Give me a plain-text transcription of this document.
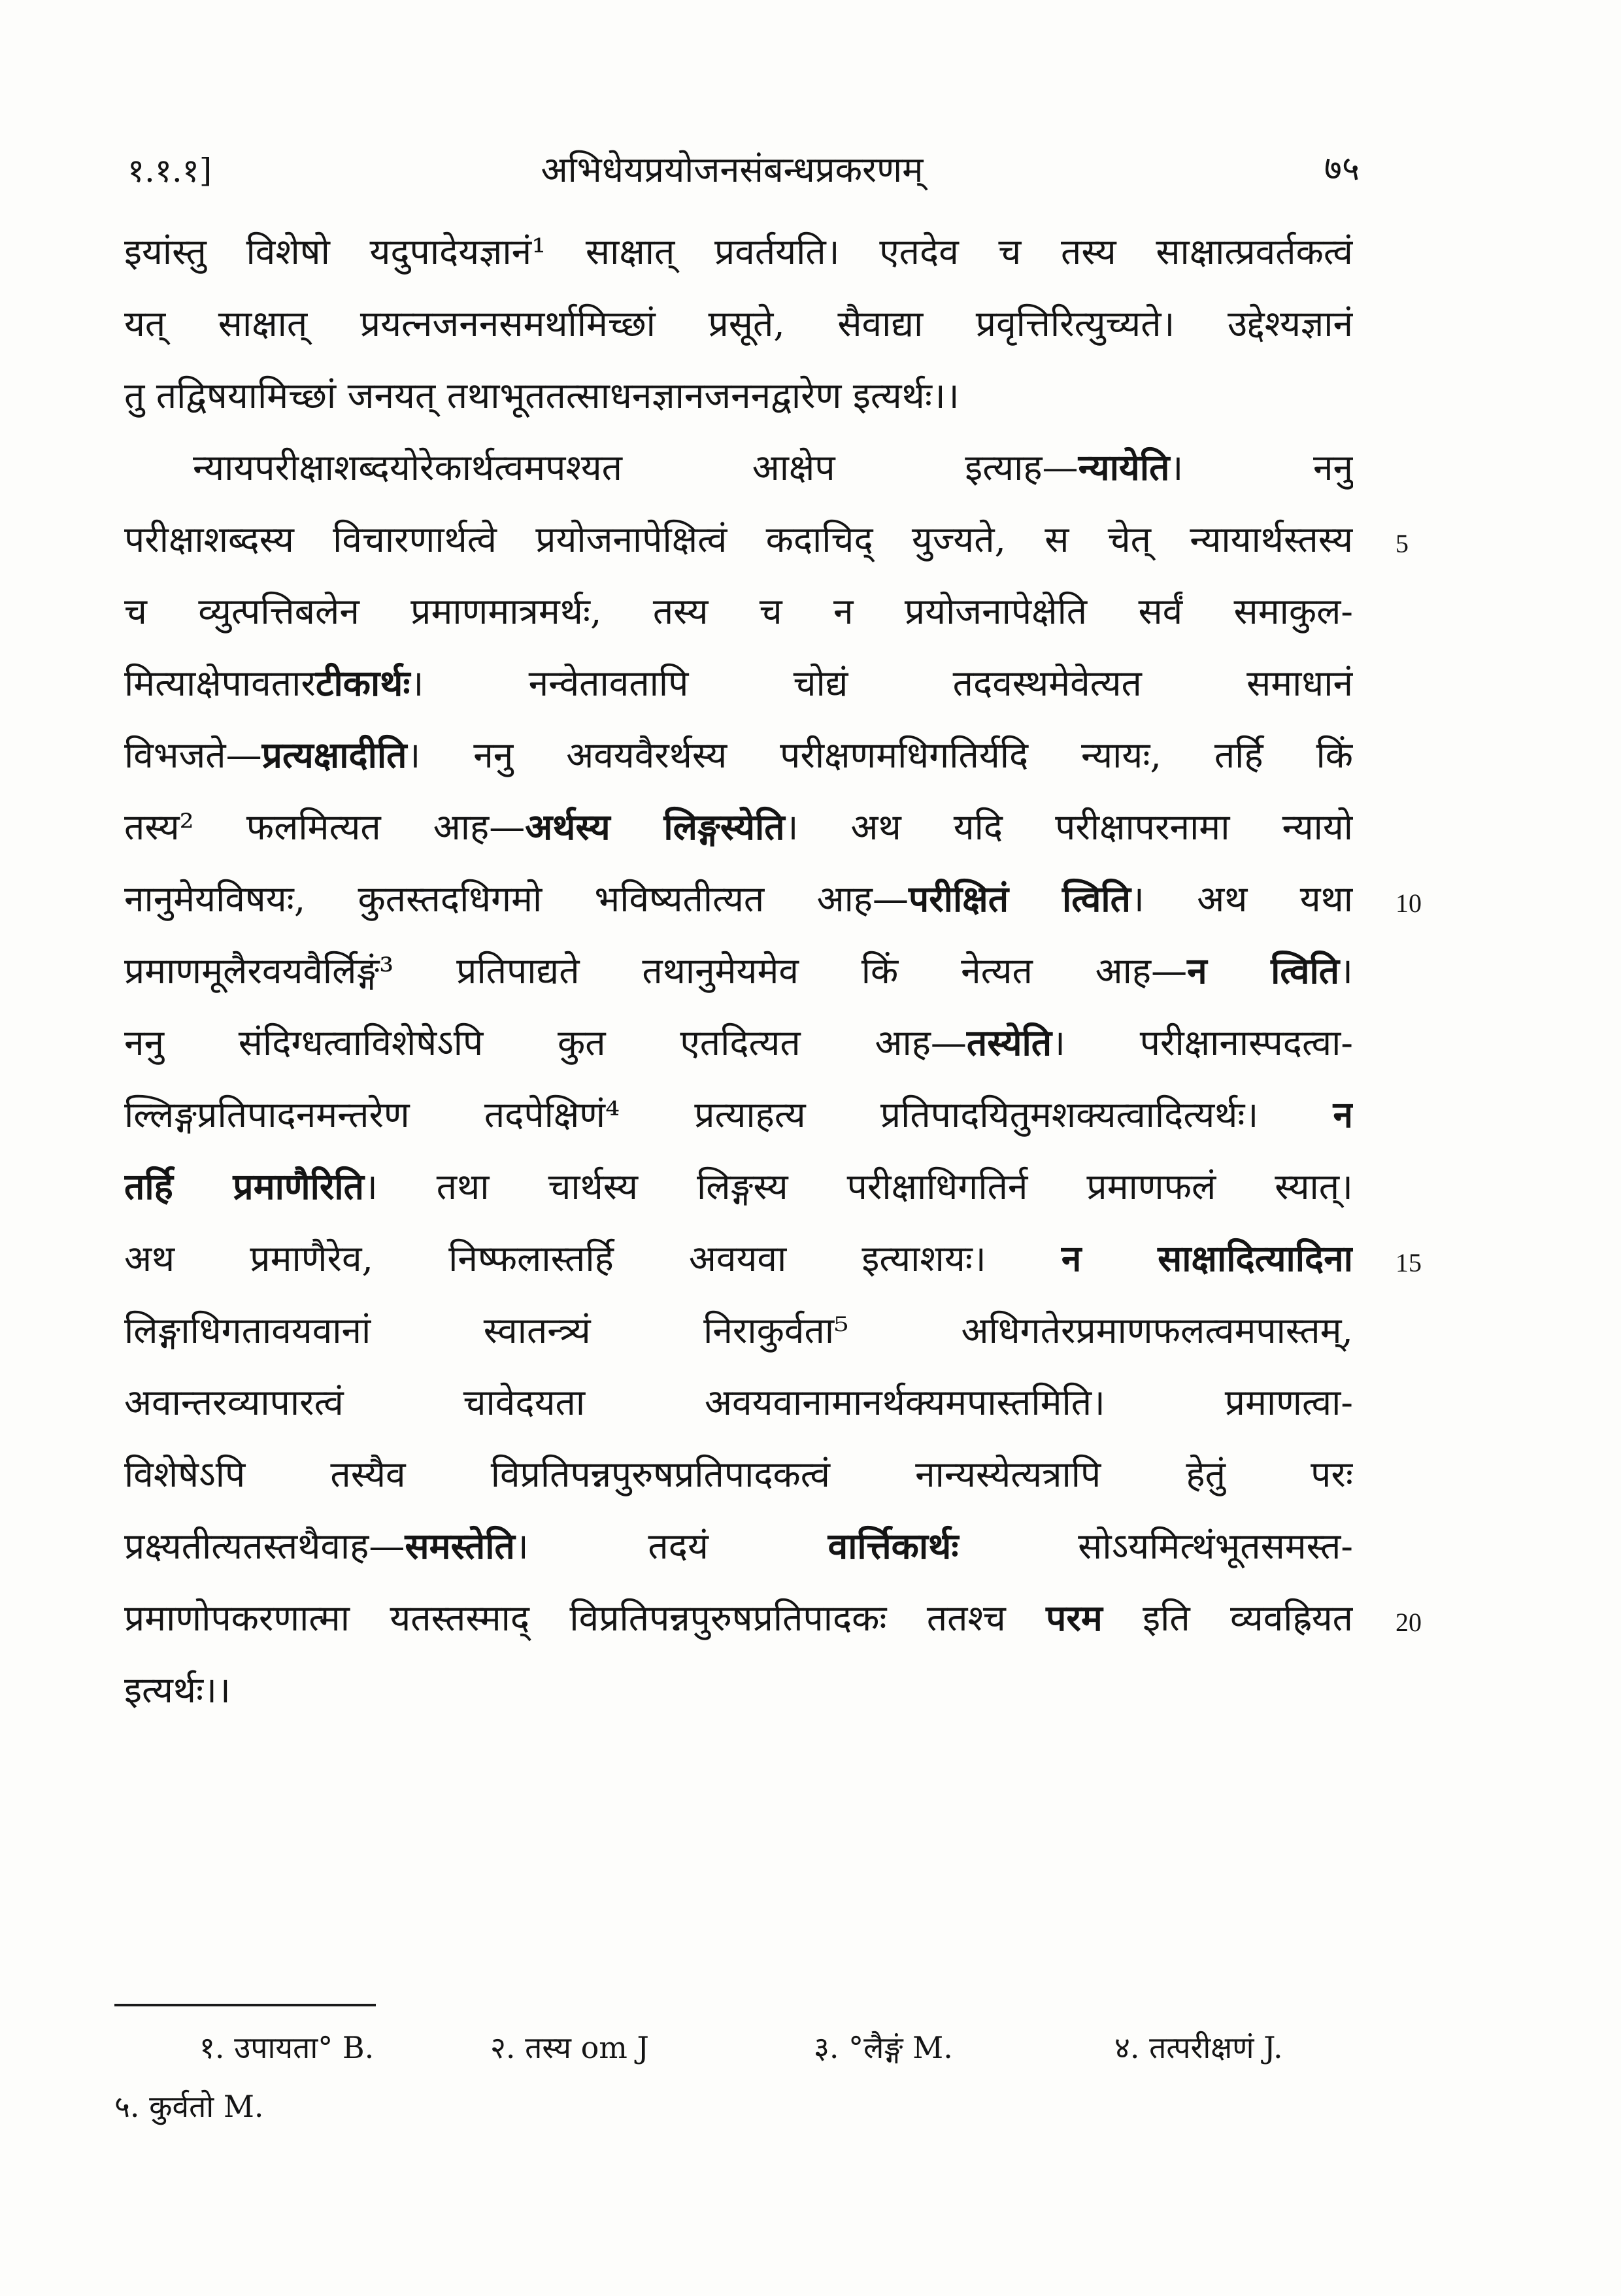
१.१.१]	अभिधेयप्रयोजनसंबन्धप्रकरणम्	७५
इयांस्तु विशेषो यदुपादेयज्ञानं¹ साक्षात् प्रवर्तयति। एतदेव च तस्य साक्षात्प्रवर्तकत्वं
यत् साक्षात् प्रयत्नजननसमर्थामिच्छां प्रसूते, सैवाद्या प्रवृत्तिरित्युच्यते। उद्देश्यज्ञानं
तु तद्विषयामिच्छां जनयत् तथाभूततत्साधनज्ञानजननद्वारेण इत्यर्थः।।
न्यायपरीक्षाशब्दयोरेकार्थत्वमपश्यत आक्षेप इत्याह—न्यायेति। ननु
परीक्षाशब्दस्य विचारणार्थत्वे प्रयोजनापेक्षित्वं कदाचिद् युज्यते, स चेत् न्यायार्थस्तस्य
च व्युत्पत्तिबलेन प्रमाणमात्रमर्थः, तस्य च न प्रयोजनापेक्षेति सर्वं समाकुल-
मित्याक्षेपावतारटीकार्थः। नन्वेतावतापि चोद्यं तदवस्थमेवेत्यत समाधानं
विभजते—प्रत्यक्षादीति। ननु अवयवैरर्थस्य परीक्षणमधिगतिर्यदि न्यायः, तर्हि किं
तस्य² फलमित्यत आह—अर्थस्य लिङ्गस्येति। अथ यदि परीक्षापरनामा न्यायो
नानुमेयविषयः, कुतस्तदधिगमो भविष्यतीत्यत आह—परीक्षितं त्विति। अथ यथा
प्रमाणमूलैरवयवैर्लिङ्गं³ प्रतिपाद्यते तथानुमेयमेव किं नेत्यत आह—न त्विति।
ननु संदिग्धत्वाविशेषेऽपि कुत एतदित्यत आह—तस्येति। परीक्षानास्पदत्वा-
ल्लिङ्गप्रतिपादनमन्तरेण तदपेक्षिणं⁴ प्रत्याहत्य प्रतिपादयितुमशक्यत्वादित्यर्थः। न
तर्हि प्रमाणैरिति। तथा चार्थस्य लिङ्गस्य परीक्षाधिगतिर्न प्रमाणफलं स्यात्।
अथ प्रमाणैरेव, निष्फलास्तर्हि अवयवा इत्याशयः। न साक्षादित्यादिना
लिङ्गाधिगतावयवानां स्वातन्त्र्यं निराकुर्वता⁵ अधिगतेरप्रमाणफलत्वमपास्तम्,
अवान्तरव्यापारत्वं चावेदयता अवयवानामानर्थक्यमपास्तमिति। प्रमाणत्वा-
विशेषेऽपि तस्यैव विप्रतिपन्नपुरुषप्रतिपादकत्वं नान्यस्येत्यत्रापि हेतुं परः
प्रक्ष्यतीत्यतस्तथैवाह—समस्तेति। तदयं वार्त्तिकार्थः सोऽयमित्थंभूतसमस्त-
प्रमाणोपकरणात्मा यतस्तस्माद् विप्रतिपन्नपुरुषप्रतिपादकः ततश्च परम इति व्यवह्रियत
इत्यर्थः।।
5
10
15
20
१. उपायता° B.	२. तस्य om J	३. °लैङ्गं M.	४. तत्परीक्षणं J.
५. कुर्वतो M.
